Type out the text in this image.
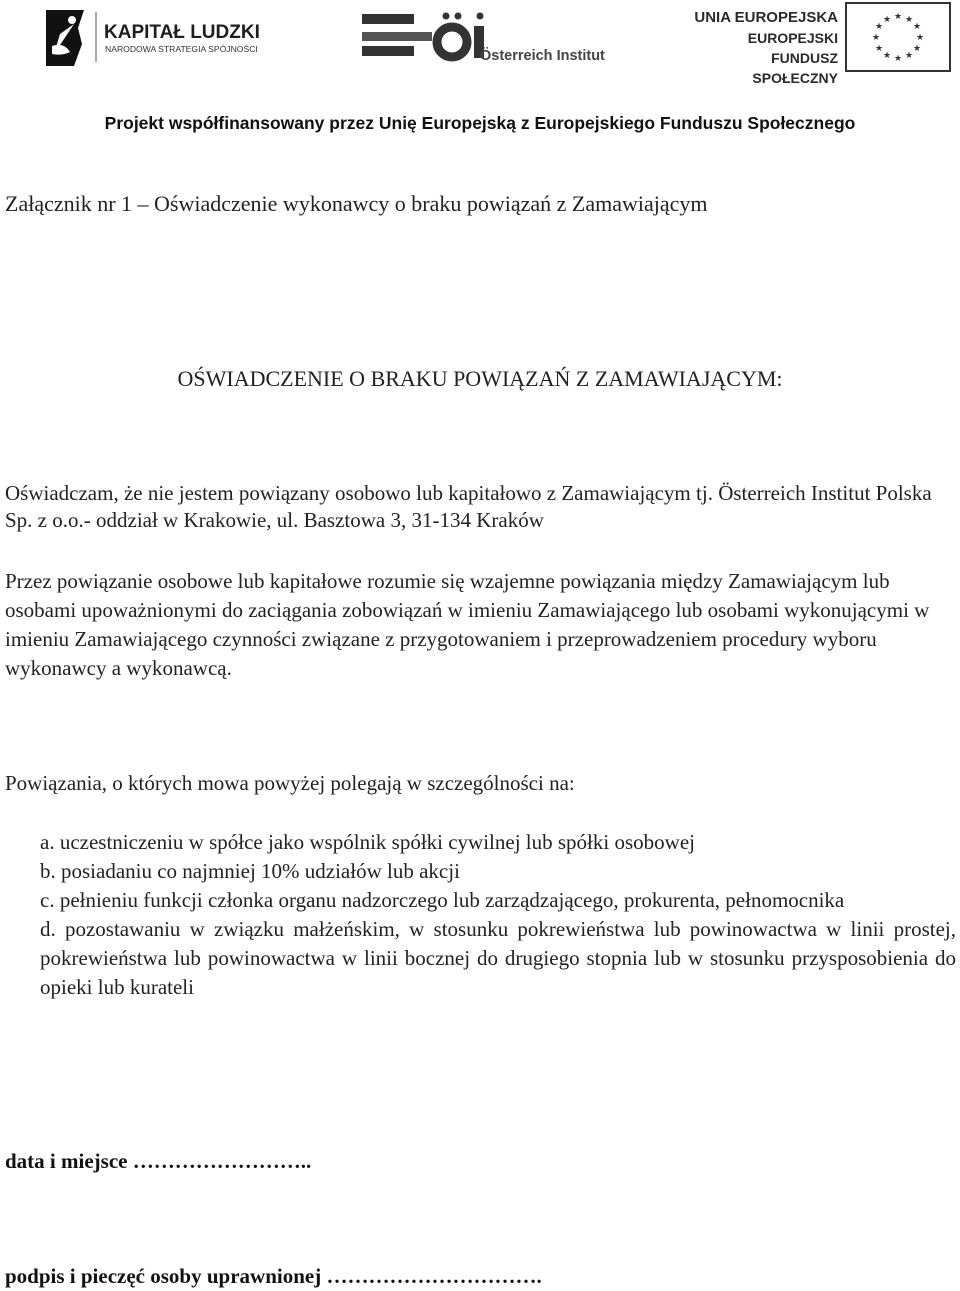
KAPITAŁ LUDZKI
NARODOWA STRATEGIA SPÓJNOŚCI	Österreich Institut
UNIA EUROPEJSKA
EUROPEJSKI
FUNDUSZ SPOŁECZNY
★ ★
★
★
★
★
★
★
★
★
★
★
Projekt współfinansowany przez Unię Europejską z Europejskiego Funduszu Społecznego
Załącznik nr 1 – Oświadczenie wykonawcy o braku powiązań z Zamawiającym
OŚWIADCZENIE O BRAKU POWIĄZAŃ Z ZAMAWIAJĄCYM:
Oświadczam, że nie jestem powiązany osobowo lub kapitałowo z Zamawiającym tj. Österreich Institut Polska Sp. z o.o.- oddział w Krakowie, ul. Basztowa 3, 31-134 Kraków
Przez powiązanie osobowe lub kapitałowe rozumie się wzajemne powiązania między Zamawiającym lub osobami upoważnionymi do zaciągania zobowiązań w imieniu Zamawiającego lub osobami wykonującymi w imieniu Zamawiającego czynności związane z przygotowaniem i przeprowadzeniem procedury wyboru wykonawcy a wykonawcą.
Powiązania, o których mowa powyżej polegają w szczególności na:
a. uczestniczeniu w spółce jako wspólnik spółki cywilnej lub spółki osobowej
b. posiadaniu co najmniej 10% udziałów lub akcji
c. pełnieniu funkcji członka organu nadzorczego lub zarządzającego, prokurenta, pełnomocnika
d. pozostawaniu w związku małżeńskim, w stosunku pokrewieństwa lub powinowactwa w linii prostej, pokrewieństwa lub powinowactwa w linii bocznej do drugiego stopnia lub w stosunku przysposobienia do opieki lub kurateli
data i miejsce ……………………..
podpis i pieczęć osoby uprawnionej ………………………….
